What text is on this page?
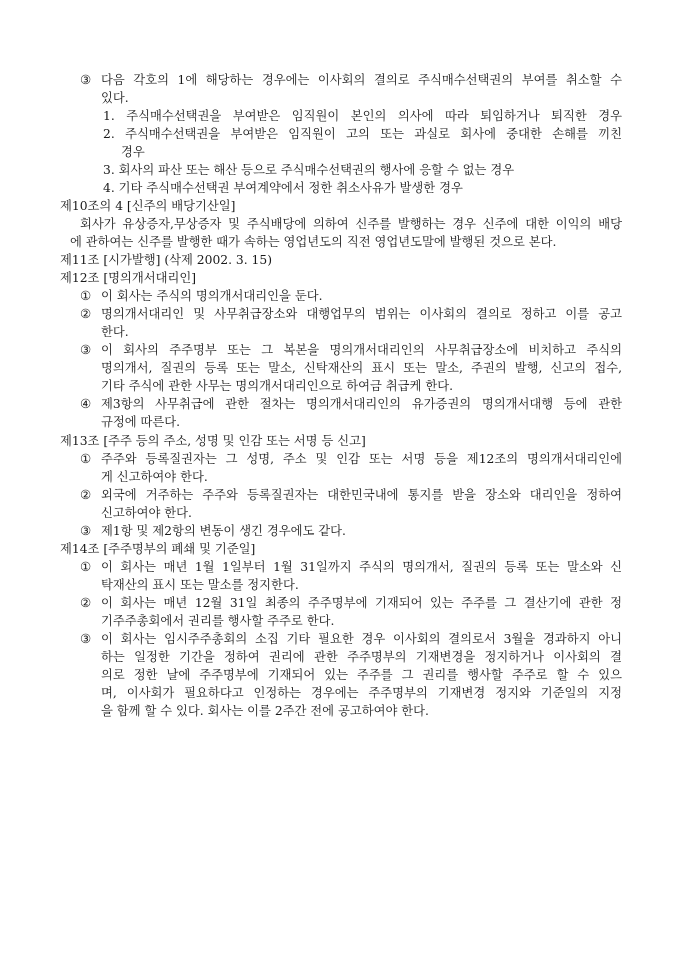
③ 다음 각호의 1에 해당하는 경우에는 이사회의 결의로 주식매수선택권의 부여를 취소할 수
있다.
1. 주식매수선택권을 부여받은 임직원이 본인의 의사에 따라 퇴임하거나 퇴직한 경우
2. 주식매수선택권을 부여받은 임직원이 고의 또는 과실로 회사에 중대한 손해를 끼친
경우
3. 회사의 파산 또는 해산 등으로 주식매수선택권의 행사에 응할 수 없는 경우
4. 기타 주식매수선택권 부여계약에서 정한 취소사유가 발생한 경우
제10조의 4 [신주의 배당기산일]
회사가 유상증자,무상증자 및 주식배당에 의하여 신주를 발행하는 경우 신주에 대한 이익의 배당
에 관하여는 신주를 발행한 때가 속하는 영업년도의 직전 영업년도말에 발행된 것으로 본다.
제11조 [시가발행] (삭제 2002. 3. 15)
제12조 [명의개서대리인]
① 이 회사는 주식의 명의개서대리인을 둔다.
② 명의개서대리인 및 사무취급장소와 대행업무의 범위는 이사회의 결의로 정하고 이를 공고
한다.
③ 이 회사의 주주명부 또는 그 복본을 명의개서대리인의 사무취급장소에 비치하고 주식의
명의개서, 질권의 등록 또는 말소, 신탁재산의 표시 또는 말소, 주권의 발행, 신고의 접수,
기타 주식에 관한 사무는 명의개서대리인으로 하여금 취급케 한다.
④ 제3항의 사무취급에 관한 절차는 명의개서대리인의 유가증권의 명의개서대행 등에 관한
규정에 따른다.
제13조 [주주 등의 주소, 성명 및 인감 또는 서명 등 신고]
① 주주와 등록질권자는 그 성명, 주소 및 인감 또는 서명 등을 제12조의 명의개서대리인에
게 신고하여야 한다.
② 외국에 거주하는 주주와 등록질권자는 대한민국내에 통지를 받을 장소와 대리인을 정하여
신고하여야 한다.
③ 제1항 및 제2항의 변동이 생긴 경우에도 같다.
제14조 [주주명부의 폐쇄 및 기준일]
① 이 회사는 매년 1월 1일부터 1월 31일까지 주식의 명의개서, 질권의 등록 또는 말소와 신
탁재산의 표시 또는 말소를 정지한다.
② 이 회사는 매년 12월 31일 최종의 주주명부에 기재되어 있는 주주를 그 결산기에 관한 정
기주주총회에서 권리를 행사할 주주로 한다.
③ 이 회사는 임시주주총회의 소집 기타 필요한 경우 이사회의 결의로서 3월을 경과하지 아니
하는 일정한 기간을 정하여 권리에 관한 주주명부의 기재변경을 정지하거나 이사회의 결
의로 정한 날에 주주명부에 기재되어 있는 주주를 그 권리를 행사할 주주로 할 수 있으
며, 이사회가 필요하다고 인정하는 경우에는 주주명부의 기재변경 정지와 기준일의 지정
을 함께 할 수 있다. 회사는 이를 2주간 전에 공고하여야 한다.
